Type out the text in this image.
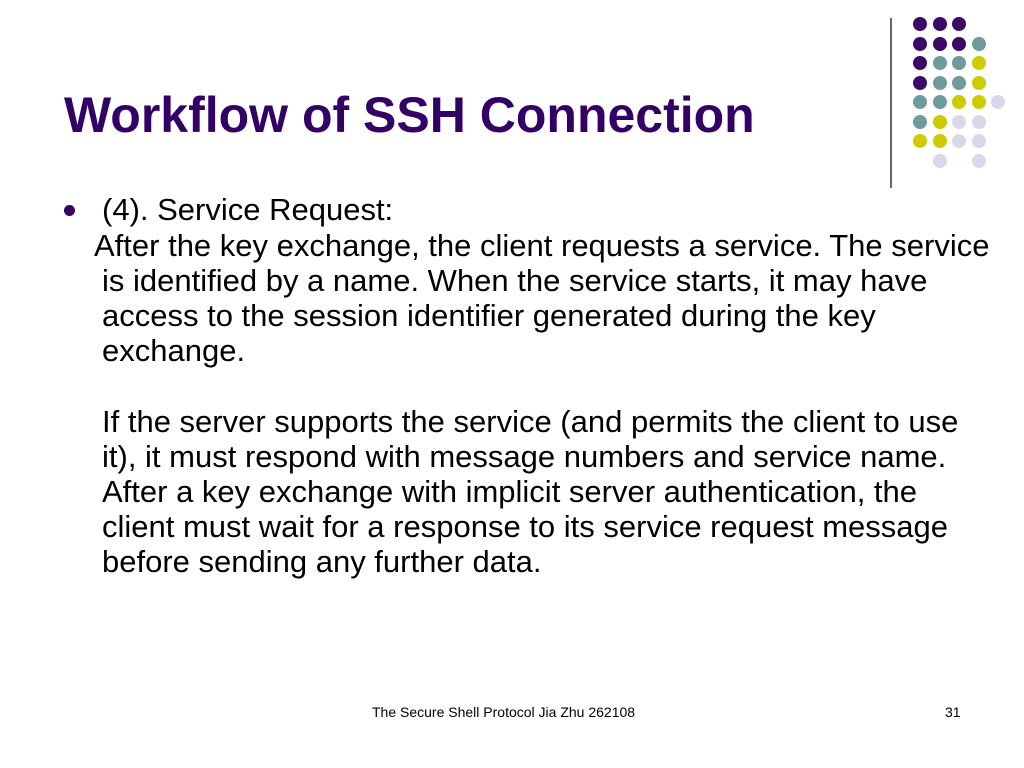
Workflow of SSH Connection
(4). Service Request:
After the key exchange, the client requests a service. The service is identified by a name. When the service starts, it may have access to the session identifier generated during the key exchange.
If the server supports the service (and permits the client to use it), it must respond with message numbers and service name. After a key exchange with implicit server authentication, the client must wait for a response to its service request message before sending any further data.
The Secure Shell Protocol Jia Zhu 262108	31
